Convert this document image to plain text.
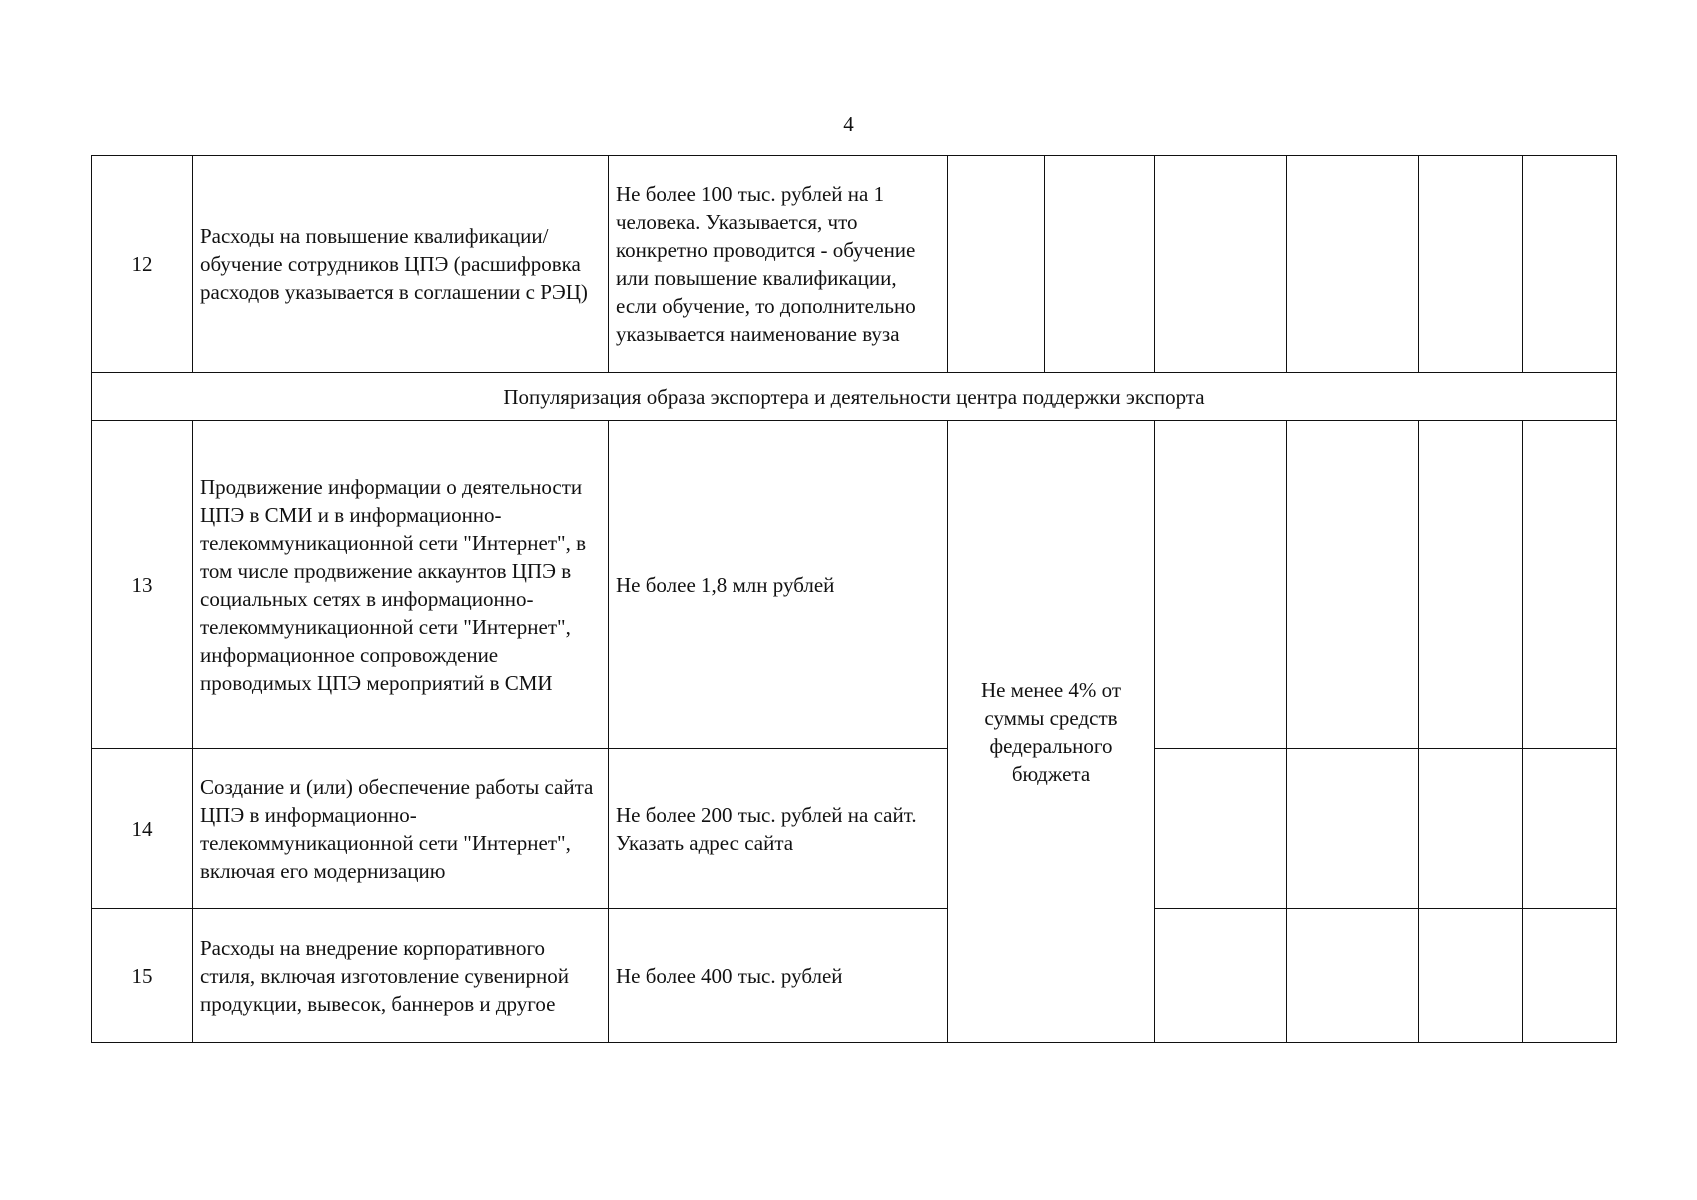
4
12	Расходы на повышение квалификации/обучение сотрудников ЦПЭ (расшифровка расходов указывается в соглашении с РЭЦ)	Не более 100 тыс. рублей на 1 человека. Указывается, что конкретно проводится - обучение или повышение квалификации, если обучение, то дополнительно указывается наименование вуза						
Популяризация образа экспортера и деятельности центра поддержки экспорта								
13	Продвижение информации о деятельности ЦПЭ в СМИ и в информационно-телекоммуникационной сети "Интернет", в том числе продвижение аккаунтов ЦПЭ в социальных сетях в информационно-телекоммуникационной сети "Интернет", информационное сопровождение проводимых ЦПЭ мероприятий в СМИ	Не более 1,8 млн рублей	Не менее 4% от суммы средств федерального бюджета					
14	Создание и (или) обеспечение работы сайта ЦПЭ в информационно-телекоммуникационной сети "Интернет", включая его модернизацию	Не более 200 тыс. рублей на сайт. Указать адрес сайта						
15	Расходы на внедрение корпоративного стиля, включая изготовление сувенирной продукции, вывесок, баннеров и другое	Не более 400 тыс. рублей						
